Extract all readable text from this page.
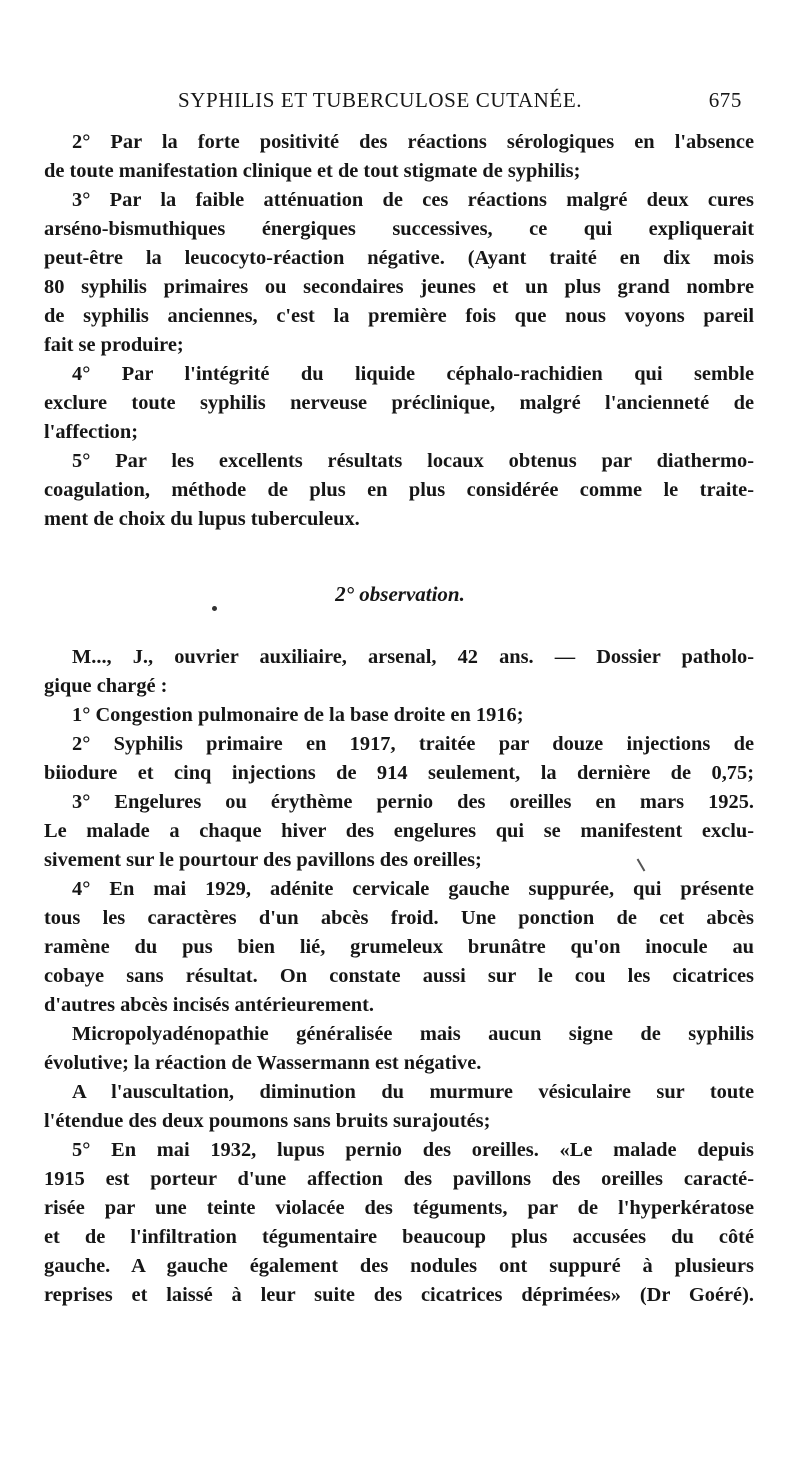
SYPHILIS ET TUBERCULOSE CUTANÉE.	675
2° Par la forte positivité des réactions sérologiques en l'absence
de toute manifestation clinique et de tout stigmate de syphilis;
3° Par la faible atténuation de ces réactions malgré deux cures
arséno-bismuthiques énergiques successives, ce qui expliquerait
peut-être la leucocyto-réaction négative. (Ayant traité en dix mois
80 syphilis primaires ou secondaires jeunes et un plus grand nombre
de syphilis anciennes, c'est la première fois que nous voyons pareil
fait se produire;
4° Par l'intégrité du liquide céphalo-rachidien qui semble
exclure toute syphilis nerveuse préclinique, malgré l'ancienneté de
l'affection;
5° Par les excellents résultats locaux obtenus par diathermo-
coagulation, méthode de plus en plus considérée comme le traite-
ment de choix du lupus tuberculeux.
2° observation.
M..., J., ouvrier auxiliaire, arsenal, 42 ans. — Dossier patholo-
gique chargé :
1° Congestion pulmonaire de la base droite en 1916;
2° Syphilis primaire en 1917, traitée par douze injections de
biiodure et cinq injections de 914 seulement, la dernière de 0,75;
3° Engelures ou érythème pernio des oreilles en mars 1925.
Le malade a chaque hiver des engelures qui se manifestent exclu-
sivement sur le pourtour des pavillons des oreilles;
4° En mai 1929, adénite cervicale gauche suppurée, qui présente
tous les caractères d'un abcès froid. Une ponction de cet abcès
ramène du pus bien lié, grumeleux brunâtre qu'on inocule au
cobaye sans résultat. On constate aussi sur le cou les cicatrices
d'autres abcès incisés antérieurement.
Micropolyadénopathie généralisée mais aucun signe de syphilis
évolutive; la réaction de Wassermann est négative.
A l'auscultation, diminution du murmure vésiculaire sur toute
l'étendue des deux poumons sans bruits surajoutés;
5° En mai 1932, lupus pernio des oreilles. «Le malade depuis
1915 est porteur d'une affection des pavillons des oreilles caracté-
risée par une teinte violacée des téguments, par de l'hyperkératose
et de l'infiltration tégumentaire beaucoup plus accusées du côté
gauche. A gauche également des nodules ont suppuré à plusieurs
reprises et laissé à leur suite des cicatrices déprimées» (Dr Goéré).
